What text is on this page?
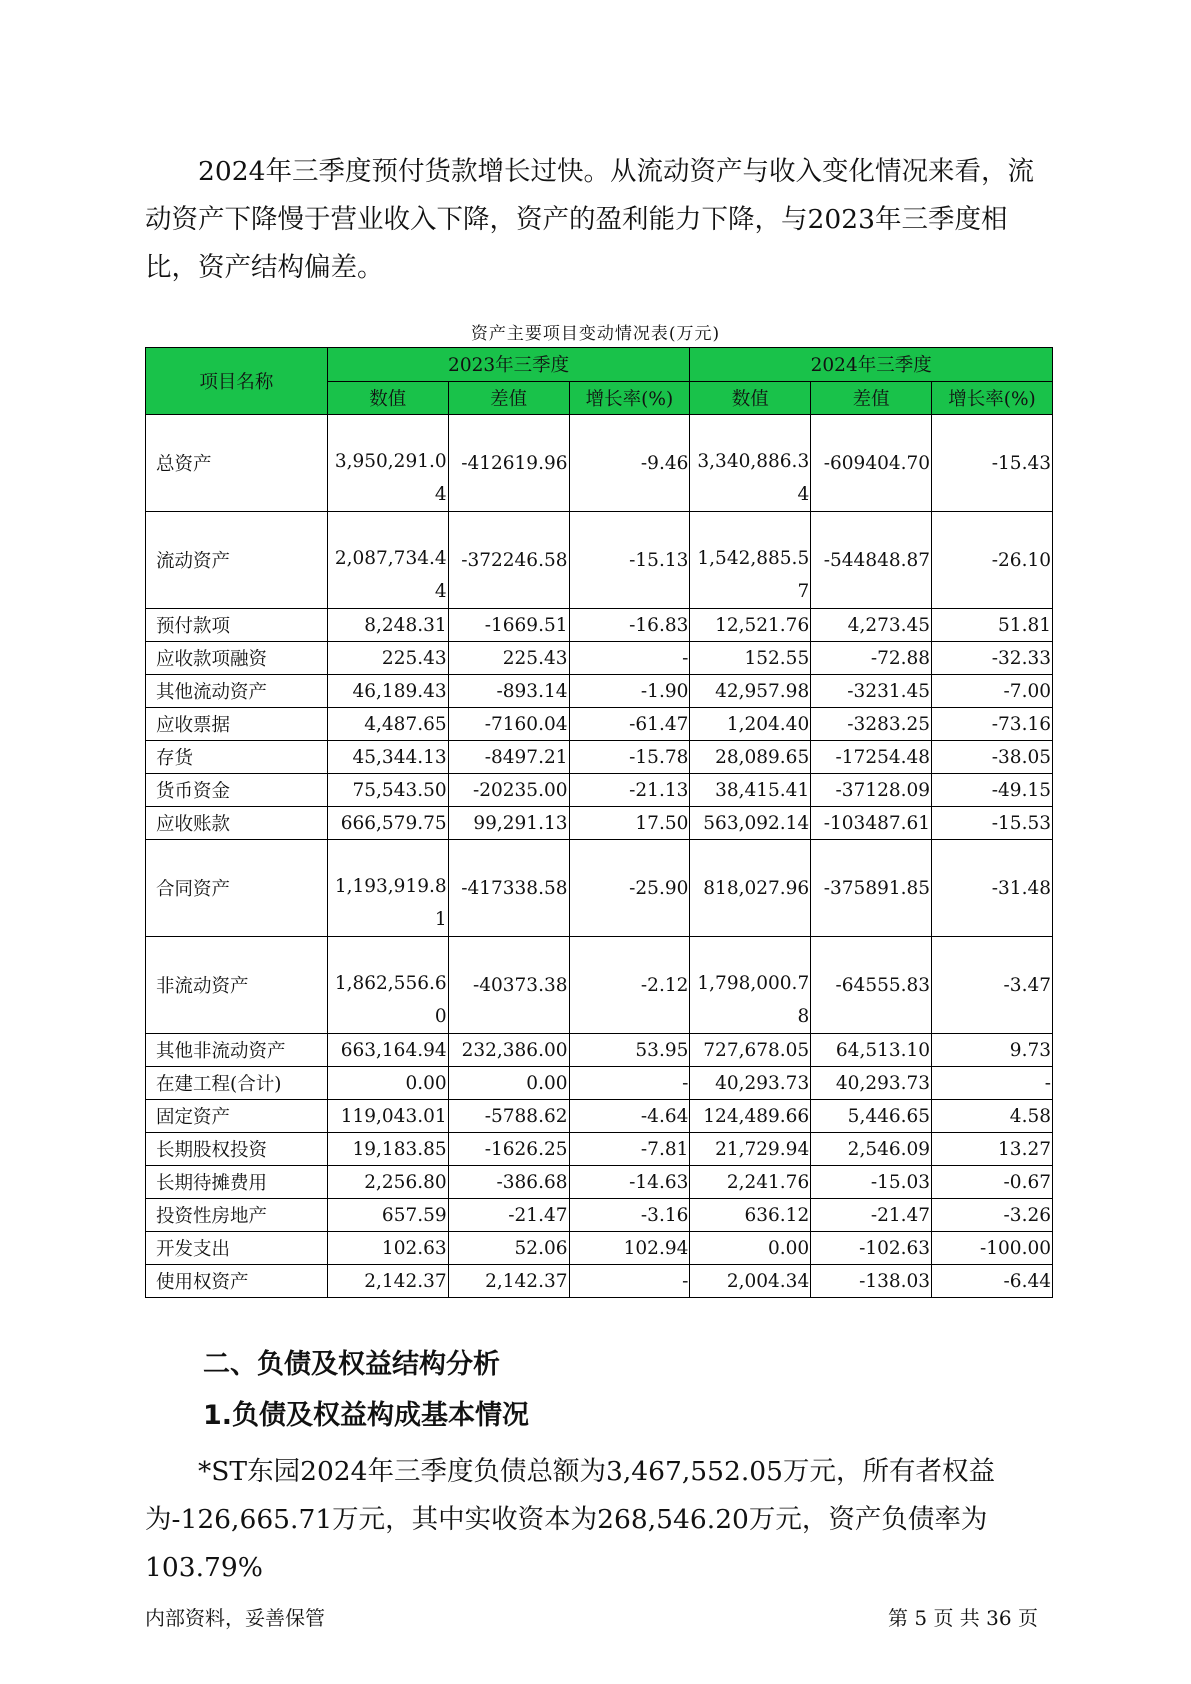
2024年三季度预付货款增长过快。从流动资产与收入变化情况来看，流动资产下降慢于营业收入下降，资产的盈利能力下降，与2023年三季度相比，资产结构偏差。

资产主要项目变动情况表(万元)
项目名称	2023年三季度			2024年三季度		
	数值	差值	增长率(%)	数值	差值	增长率(%)
总资产	3,950,291.04	-412619.96	-9.46	3,340,886.34	-609404.70	-15.43
流动资产	2,087,734.44	-372246.58	-15.13	1,542,885.57	-544848.87	-26.10
预付款项	8,248.31	-1669.51	-16.83	12,521.76	4,273.45	51.81
应收款项融资	225.43	225.43	-	152.55	-72.88	-32.33
其他流动资产	46,189.43	-893.14	-1.90	42,957.98	-3231.45	-7.00
应收票据	4,487.65	-7160.04	-61.47	1,204.40	-3283.25	-73.16
存货	45,344.13	-8497.21	-15.78	28,089.65	-17254.48	-38.05
货币资金	75,543.50	-20235.00	-21.13	38,415.41	-37128.09	-49.15
应收账款	666,579.75	99,291.13	17.50	563,092.14	-103487.61	-15.53
合同资产	1,193,919.81	-417338.58	-25.90	818,027.96	-375891.85	-31.48
非流动资产	1,862,556.60	-40373.38	-2.12	1,798,000.78	-64555.83	-3.47
其他非流动资产	663,164.94	232,386.00	53.95	727,678.05	64,513.10	9.73
在建工程(合计)	0.00	0.00	-	40,293.73	40,293.73	-
固定资产	119,043.01	-5788.62	-4.64	124,489.66	5,446.65	4.58
长期股权投资	19,183.85	-1626.25	-7.81	21,729.94	2,546.09	13.27
长期待摊费用	2,256.80	-386.68	-14.63	2,241.76	-15.03	-0.67
投资性房地产	657.59	-21.47	-3.16	636.12	-21.47	-3.26
开发支出	102.63	52.06	102.94	0.00	-102.63	-100.00
使用权资产	2,142.37	2,142.37	-	2,004.34	-138.03	-6.44
二、负债及权益结构分析
1.负债及权益构成基本情况

*ST东园2024年三季度负债总额为3,467,552.05万元，所有者权益为-126,665.71万元，其中实收资本为268,546.20万元，资产负债率为103.79%

内部资料，妥善保管	第 5 页 共 36 页
